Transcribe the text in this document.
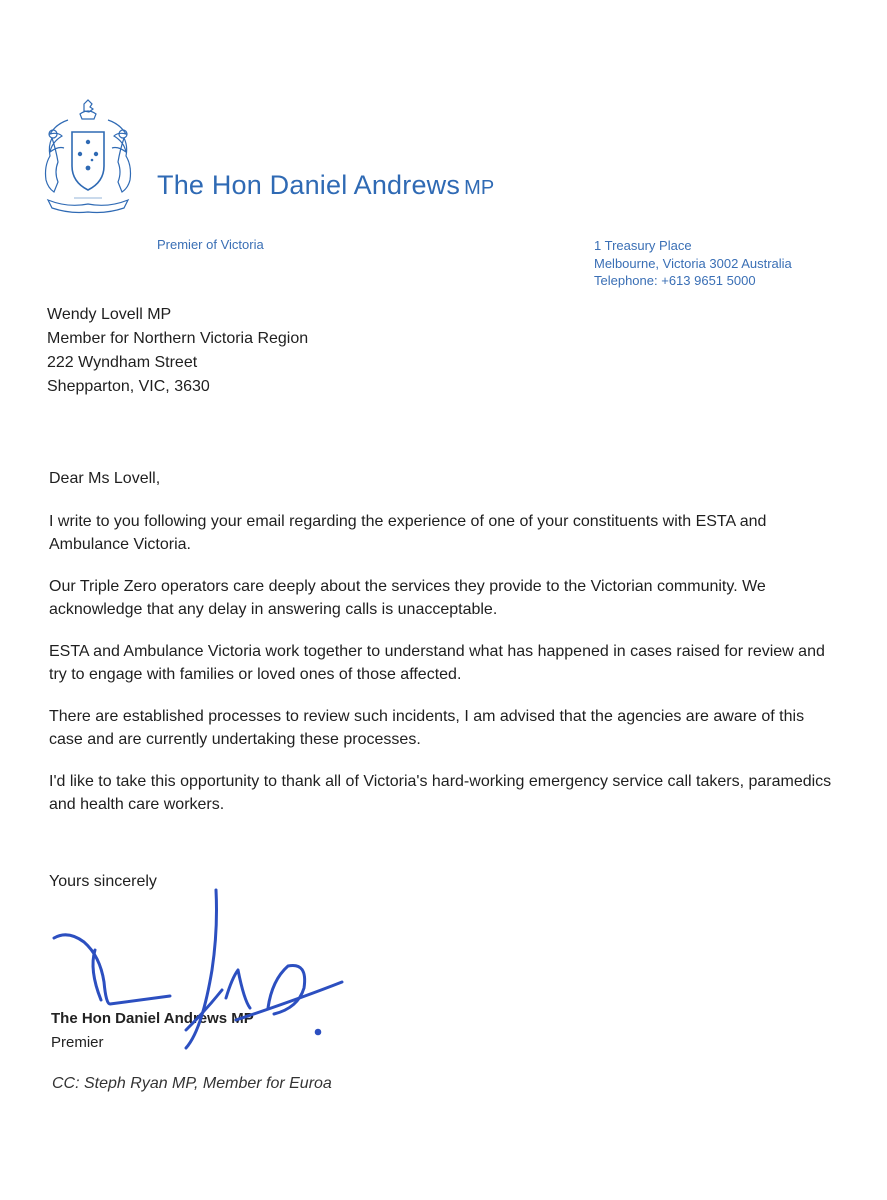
The Hon Daniel Andrews MP
Premier of Victoria	1 Treasury Place
Melbourne, Victoria 3002 Australia
Telephone: +613 9651 5000
Wendy Lovell MP
Member for Northern Victoria Region
222 Wyndham Street
Shepparton, VIC, 3630

Dear Ms Lovell,

I write to you following your email regarding the experience of one of your constituents with ESTA and Ambulance Victoria.

Our Triple Zero operators care deeply about the services they provide to the Victorian community. We acknowledge that any delay in answering calls is unacceptable.

ESTA and Ambulance Victoria work together to understand what has happened in cases raised for review and try to engage with families or loved ones of those affected.

There are established processes to review such incidents, I am advised that the agencies are aware of this case and are currently undertaking these processes.

I'd like to take this opportunity to thank all of Victoria's hard-working emergency service call takers, paramedics and health care workers.

Yours sincerely
The Hon Daniel Andrews MP
Premier
CC: Steph Ryan MP, Member for Euroa
